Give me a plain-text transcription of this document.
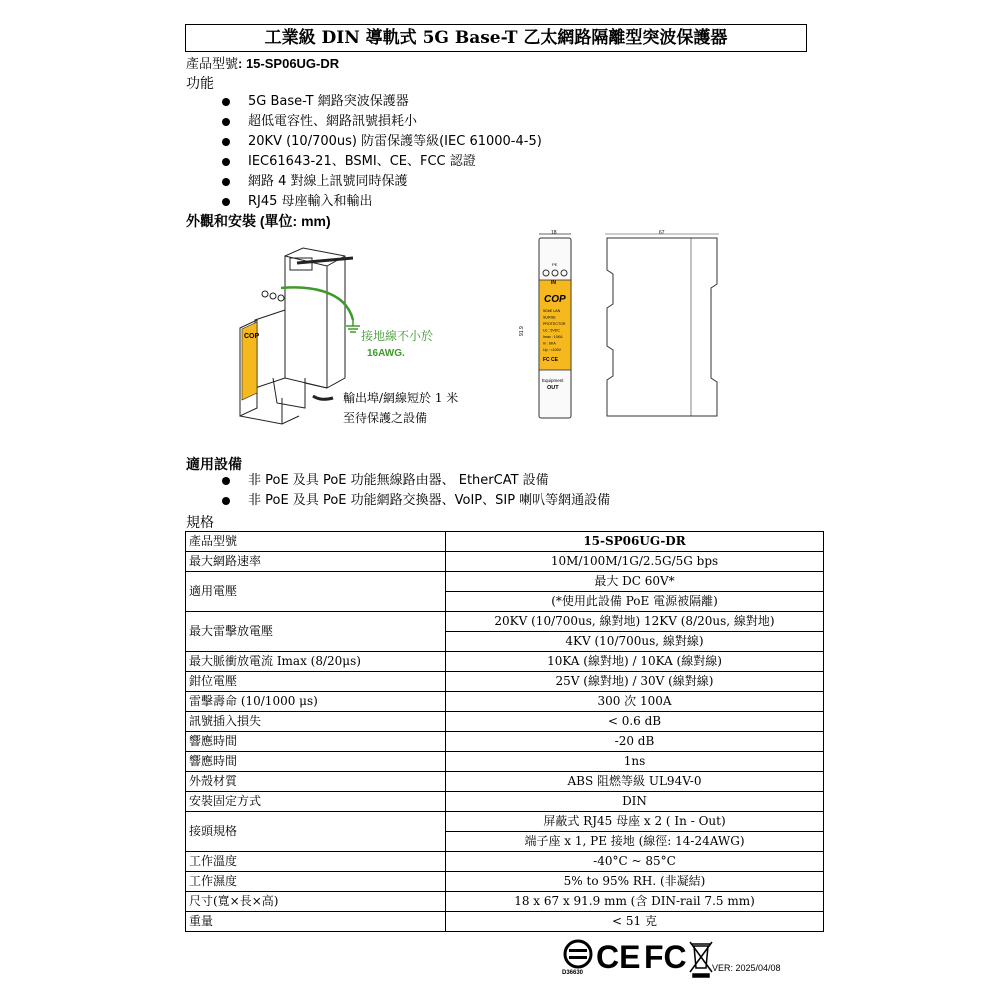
工業級 DIN 導軌式 5G Base-T 乙太網路隔離型突波保護器
產品型號: 15-SP06UG-DR
功能
5G Base-T 網路突波保護器
超低電容性、網路訊號損耗小
20KV (10/700us) 防雷保護等級(IEC 61000-4-5)
IEC61643-21、BSMI、CE、FCC 認證
網路 4 對線上訊號同時保護
RJ45 母座輸入和輸出
外觀和安裝 (單位: mm)
COP	接地線不小於
16AWG.
輸出埠/網線短於 1 米
至待保護之設備
18
91.9
PE
IN
COP
5GbE LAN
SURGE
PROTECTOR
Uc : 5VDC
Imax : 10KA
In : 6KA
Up : <100V
FC CE
Equipment
OUT
67
適用設備
非 PoE 及具 PoE 功能無線路由器、 EtherCAT 設備
非 PoE 及具 PoE 功能網路交換器、VoIP、SIP 喇叭等網通設備
規格
產品型號	15-SP06UG-DR
最大網路速率	10M/100M/1G/2.5G/5G bps
適用電壓	最大 DC 60V*
	(*使用此設備 PoE 電源被隔離)
最大雷擊放電壓	20KV (10/700us, 線對地) 12KV (8/20us, 線對地)
	4KV (10/700us, 線對線)
最大脈衝放電流 Imax (8/20μs)	10KA (線對地) / 10KA (線對線)
鉗位電壓	25V (線對地) / 30V (線對線)
雷擊壽命 (10/1000 μs)	300 次 100A
訊號插入損失	< 0.6 dB
響應時間	-20 dB
響應時間	1ns
外殼材質	ABS 阻燃等級 UL94V-0
安裝固定方式	DIN
接頭規格	屏蔽式 RJ45 母座 x 2 ( In - Out)
	端子座 x 1, PE 接地 (線徑: 14-24AWG)
工作溫度	-40°C ~ 85°C
工作濕度	5% to 95% RH. (非凝結)
尺寸(寬×長×高)	18 x 67 x 91.9 mm (含 DIN-rail 7.5 mm)
重量	< 51 克
D36630 CE FC	VER: 2025/04/08
